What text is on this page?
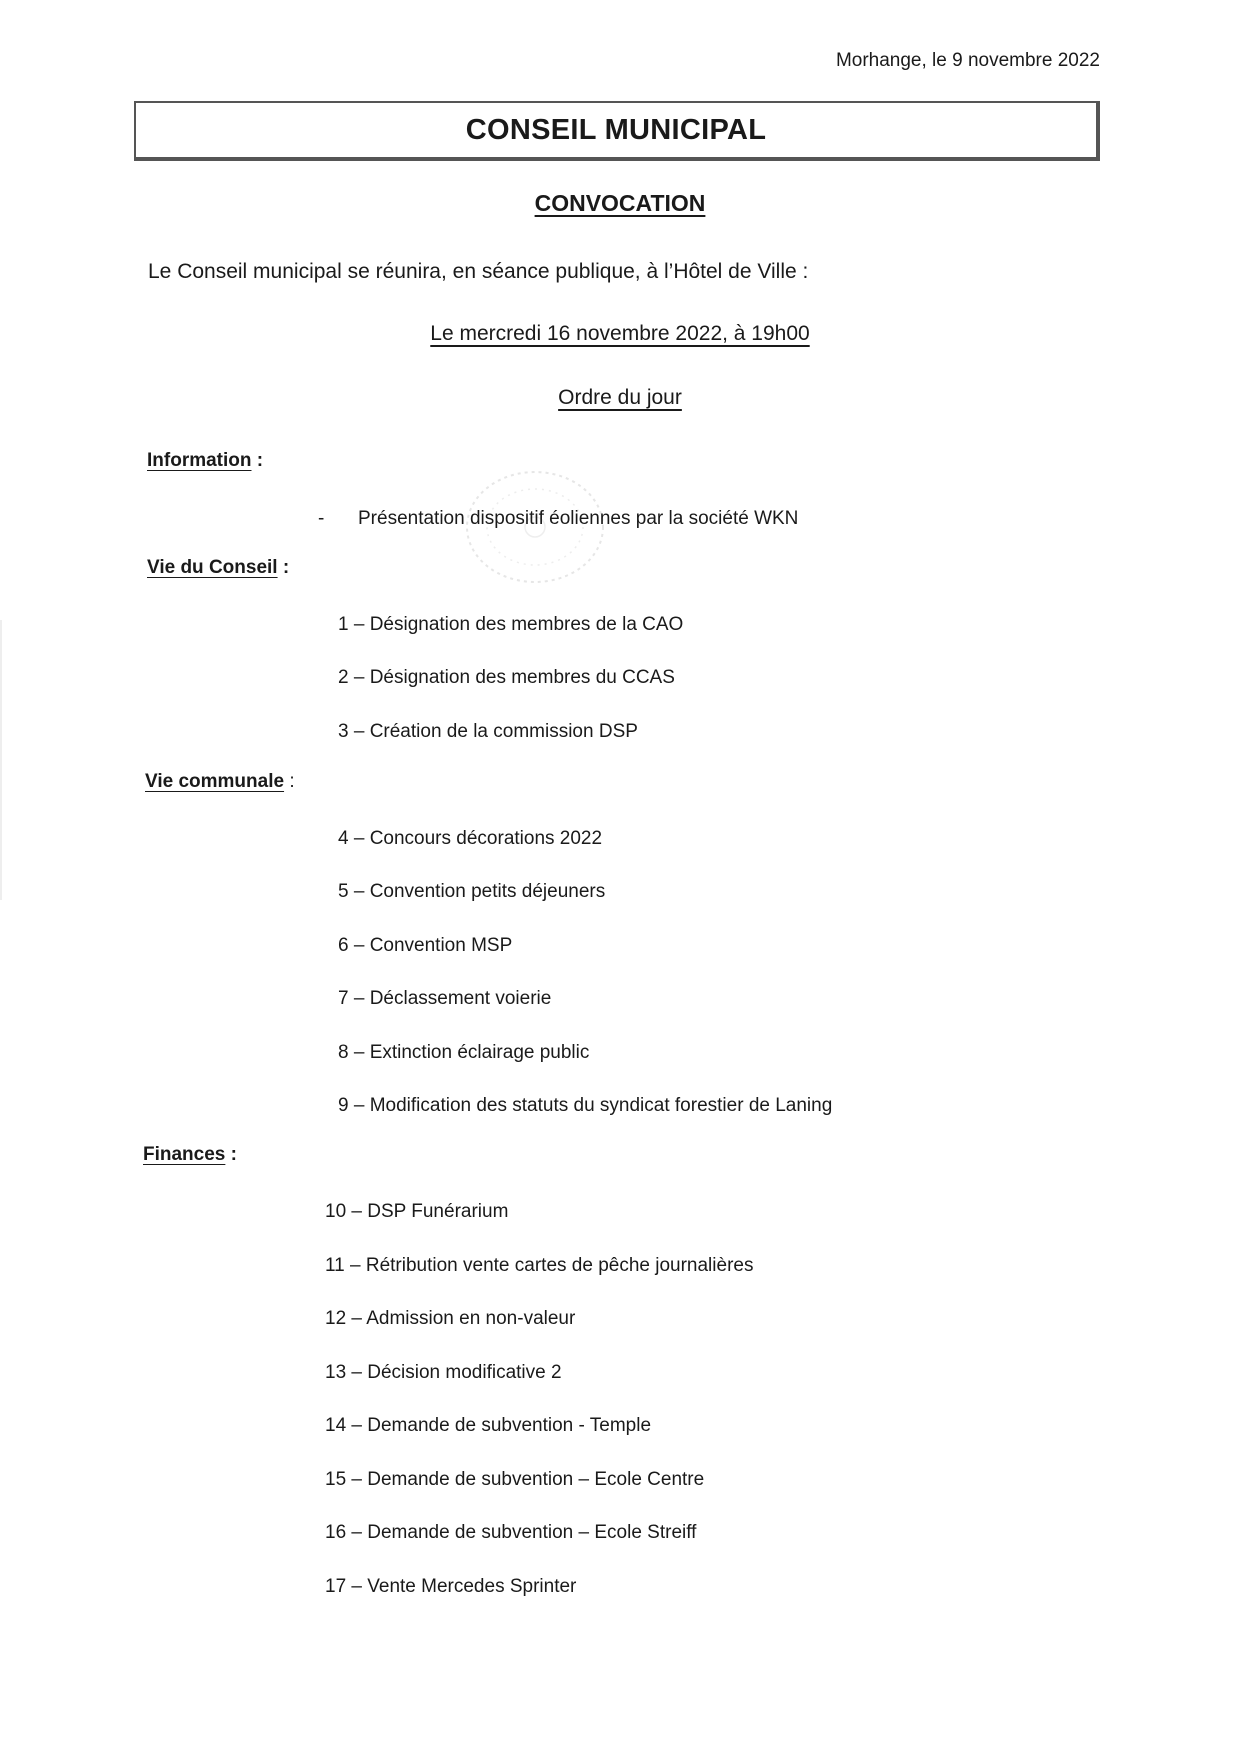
Morhange, le 9 novembre 2022
CONSEIL MUNICIPAL
CONVOCATION
Le Conseil municipal se réunira, en séance publique, à l’Hôtel de Ville :
Le mercredi 16 novembre 2022, à 19h00
Ordre du jour
Information :
- Présentation dispositif éoliennes par la société WKN
Vie du Conseil :
1 – Désignation des membres de la CAO
2 – Désignation des membres du CCAS
3 – Création de la commission DSP
Vie communale :
4 – Concours décorations 2022
5 – Convention petits déjeuners
6 – Convention MSP
7 – Déclassement voierie
8 – Extinction éclairage public
9 – Modification des statuts du syndicat forestier de Laning
Finances :
10 – DSP Funérarium
11 – Rétribution vente cartes de pêche journalières
12 – Admission en non-valeur
13 – Décision modificative 2
14 – Demande de subvention - Temple
15 – Demande de subvention – Ecole Centre
16 – Demande de subvention – Ecole Streiff
17 – Vente Mercedes Sprinter
